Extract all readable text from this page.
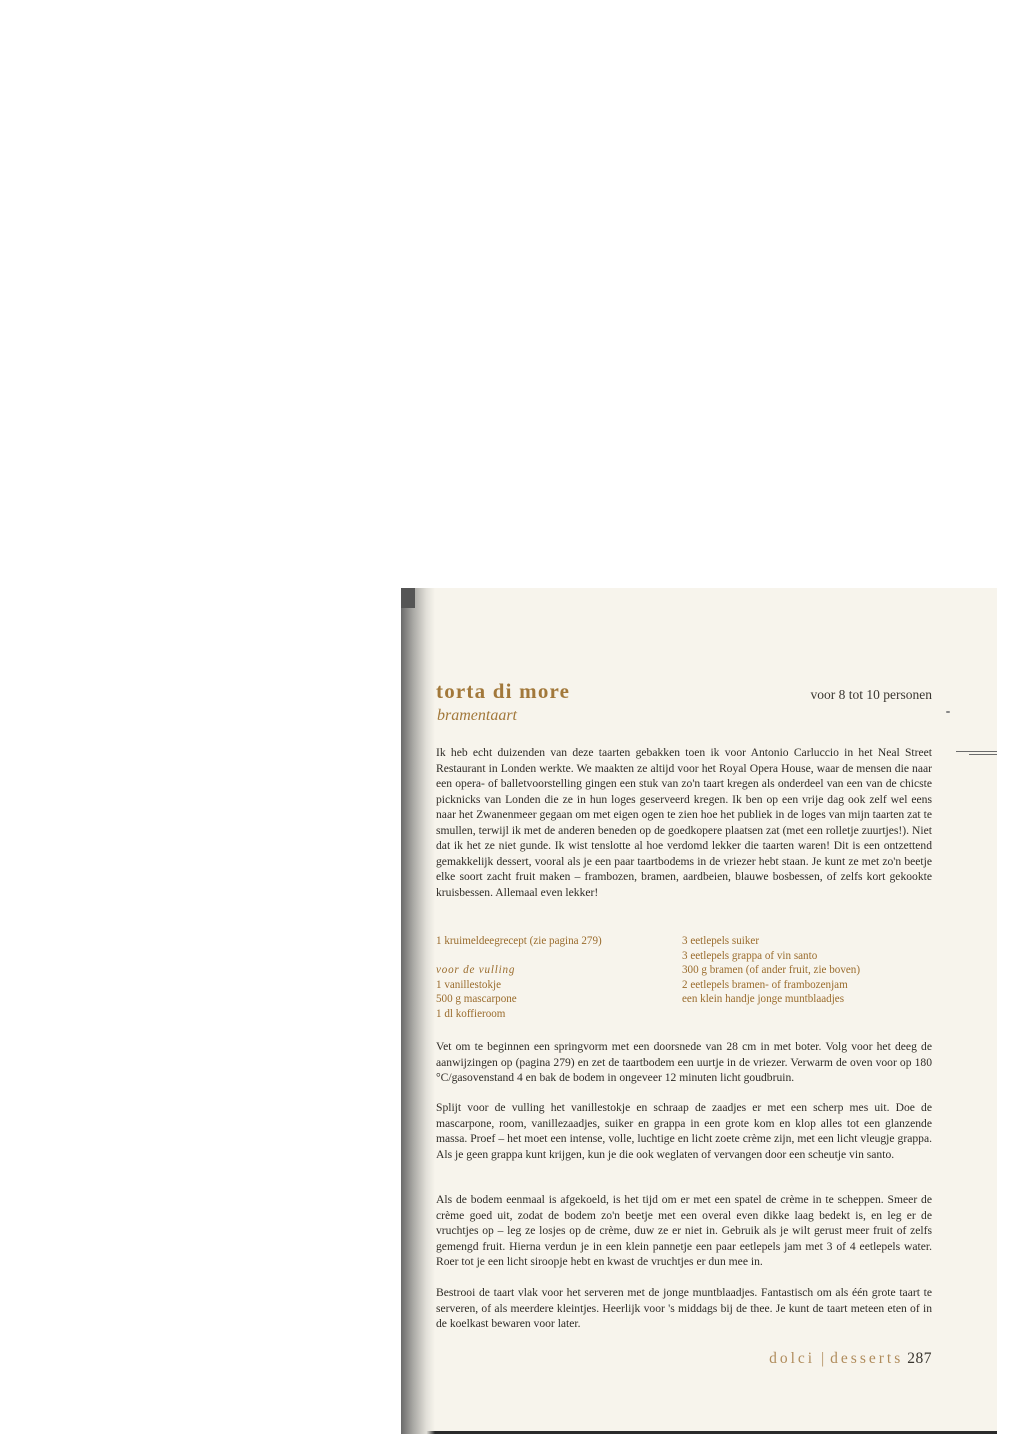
torta di more
bramentaart
voor 8 tot 10 personen
Ik heb echt duizenden van deze taarten gebakken toen ik voor Antonio Carluccio in het Neal Street Restaurant in Londen werkte. We maakten ze altijd voor het Royal Opera House, waar de mensen die naar een opera- of balletvoorstelling gingen een stuk van zo'n taart kregen als onderdeel van een van de chicste picknicks van Londen die ze in hun loges geserveerd kregen. Ik ben op een vrije dag ook zelf wel eens naar het Zwanenmeer gegaan om met eigen ogen te zien hoe het publiek in de loges van mijn taarten zat te smullen, terwijl ik met de anderen beneden op de goedkopere plaatsen zat (met een rolletje zuurtjes!). Niet dat ik het ze niet gunde. Ik wist tenslotte al hoe verdomd lekker die taarten waren! Dit is een ontzettend gemakkelijk dessert, vooral als je een paar taartbodems in de vriezer hebt staan. Je kunt ze met zo'n beetje elke soort zacht fruit maken – frambozen, bramen, aardbeien, blauwe bosbessen, of zelfs kort gekookte kruisbessen. Allemaal even lekker!
1 kruimeldeegrecept (zie pagina 279)
voor de vulling
1 vanillestokje
500 g mascarpone
1 dl koffieroom
3 eetlepels suiker
3 eetlepels grappa of vin santo
300 g bramen (of ander fruit, zie boven)
2 eetlepels bramen- of frambozenjam
een klein handje jonge muntblaadjes
Vet om te beginnen een springvorm met een doorsnede van 28 cm in met boter. Volg voor het deeg de aanwijzingen op (pagina 279) en zet de taartbodem een uurtje in de vriezer. Verwarm de oven voor op 180 °C/gasovenstand 4 en bak de bodem in ongeveer 12 minuten licht goudbruin.
Splijt voor de vulling het vanillestokje en schraap de zaadjes er met een scherp mes uit. Doe de mascarpone, room, vanillezaadjes, suiker en grappa in een grote kom en klop alles tot een glanzende massa. Proef – het moet een intense, volle, luchtige en licht zoete crème zijn, met een licht vleugje grappa. Als je geen grappa kunt krijgen, kun je die ook weglaten of vervangen door een scheutje vin santo.
Als de bodem eenmaal is afgekoeld, is het tijd om er met een spatel de crème in te scheppen. Smeer de crème goed uit, zodat de bodem zo'n beetje met een overal even dikke laag bedekt is, en leg er de vruchtjes op – leg ze losjes op de crème, duw ze er niet in. Gebruik als je wilt gerust meer fruit of zelfs gemengd fruit. Hierna verdun je in een klein pannetje een paar eetlepels jam met 3 of 4 eetlepels water. Roer tot je een licht siroopje hebt en kwast de vruchtjes er dun mee in.
Bestrooi de taart vlak voor het serveren met de jonge muntblaadjes. Fantastisch om als één grote taart te serveren, of als meerdere kleintjes. Heerlijk voor 's middags bij de thee. Je kunt de taart meteen eten of in de koelkast bewaren voor later.
dolci | desserts 287
